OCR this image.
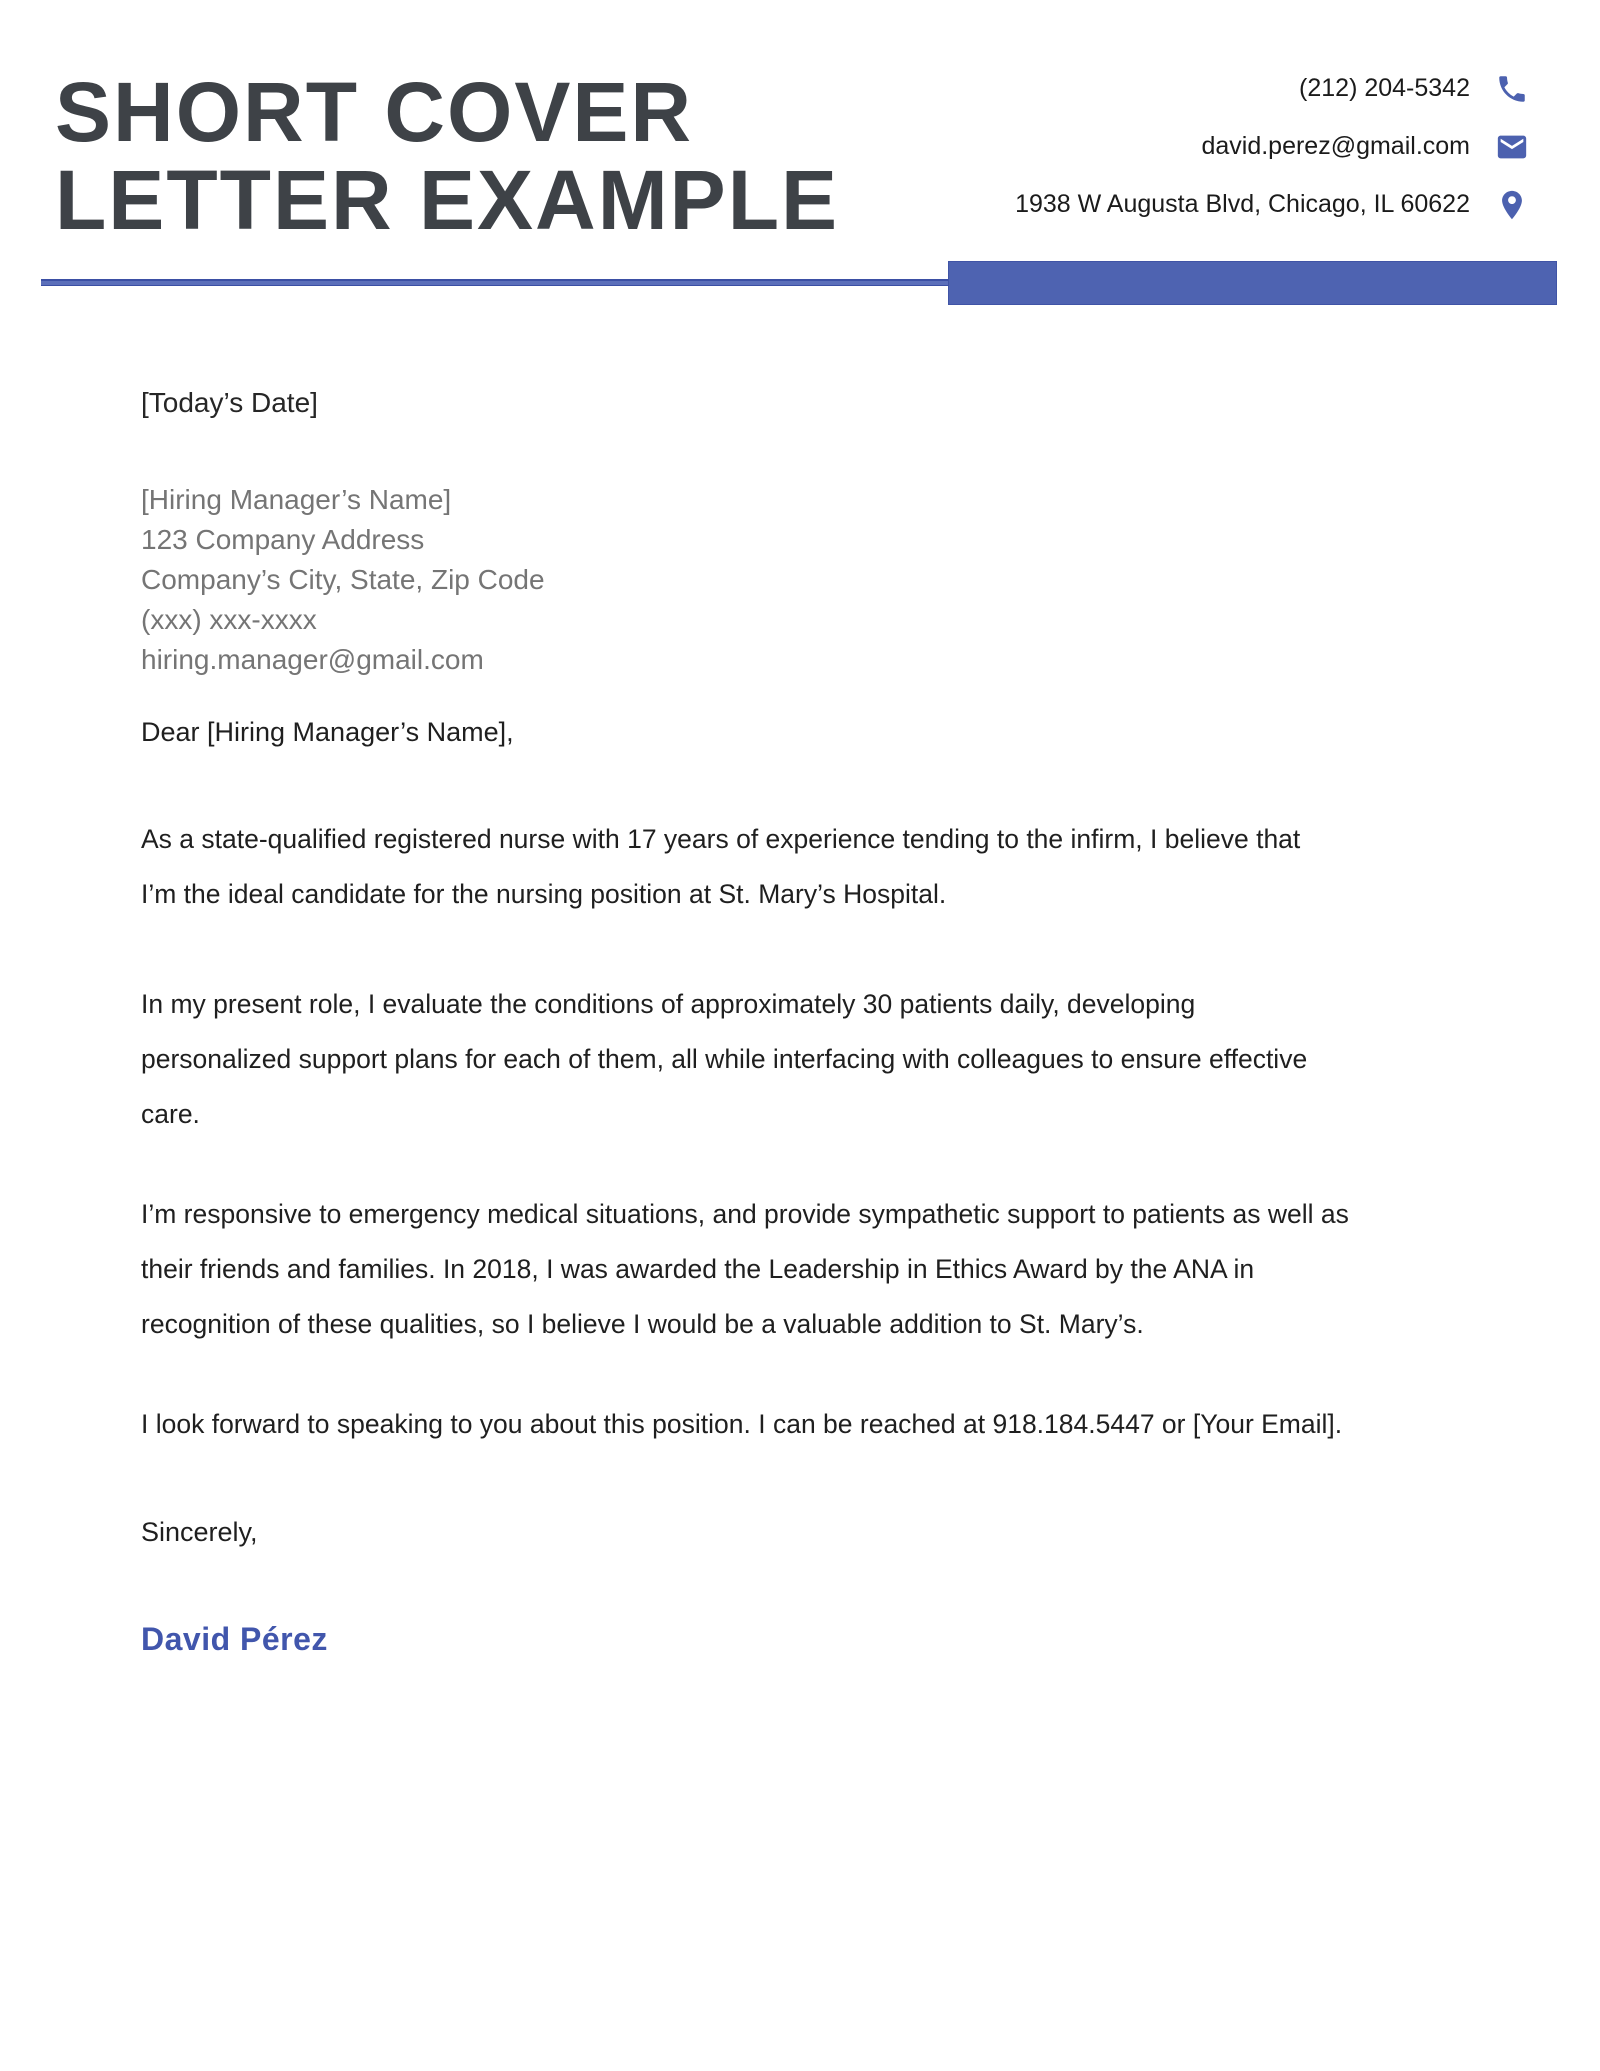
SHORT COVER
LETTER EXAMPLE
(212) 204-5342
david.perez@gmail.com
1938 W Augusta Blvd, Chicago, IL 60622

[Today’s Date]

[Hiring Manager’s Name]
123 Company Address
Company’s City, State, Zip Code
(xxx) xxx-xxxx
hiring.manager@gmail.com

Dear [Hiring Manager’s Name],

As a state-qualified registered nurse with 17 years of experience tending to the infirm, I believe that
I’m the ideal candidate for the nursing position at St. Mary’s Hospital.
In my present role, I evaluate the conditions of approximately 30 patients daily, developing
personalized support plans for each of them, all while interfacing with colleagues to ensure effective
care.
I’m responsive to emergency medical situations, and provide sympathetic support to patients as well as
their friends and families. In 2018, I was awarded the Leadership in Ethics Award by the ANA in
recognition of these qualities, so I believe I would be a valuable addition to St. Mary’s.
I look forward to speaking to you about this position. I can be reached at 918.184.5447 or [Your Email].

Sincerely,

David Pérez
